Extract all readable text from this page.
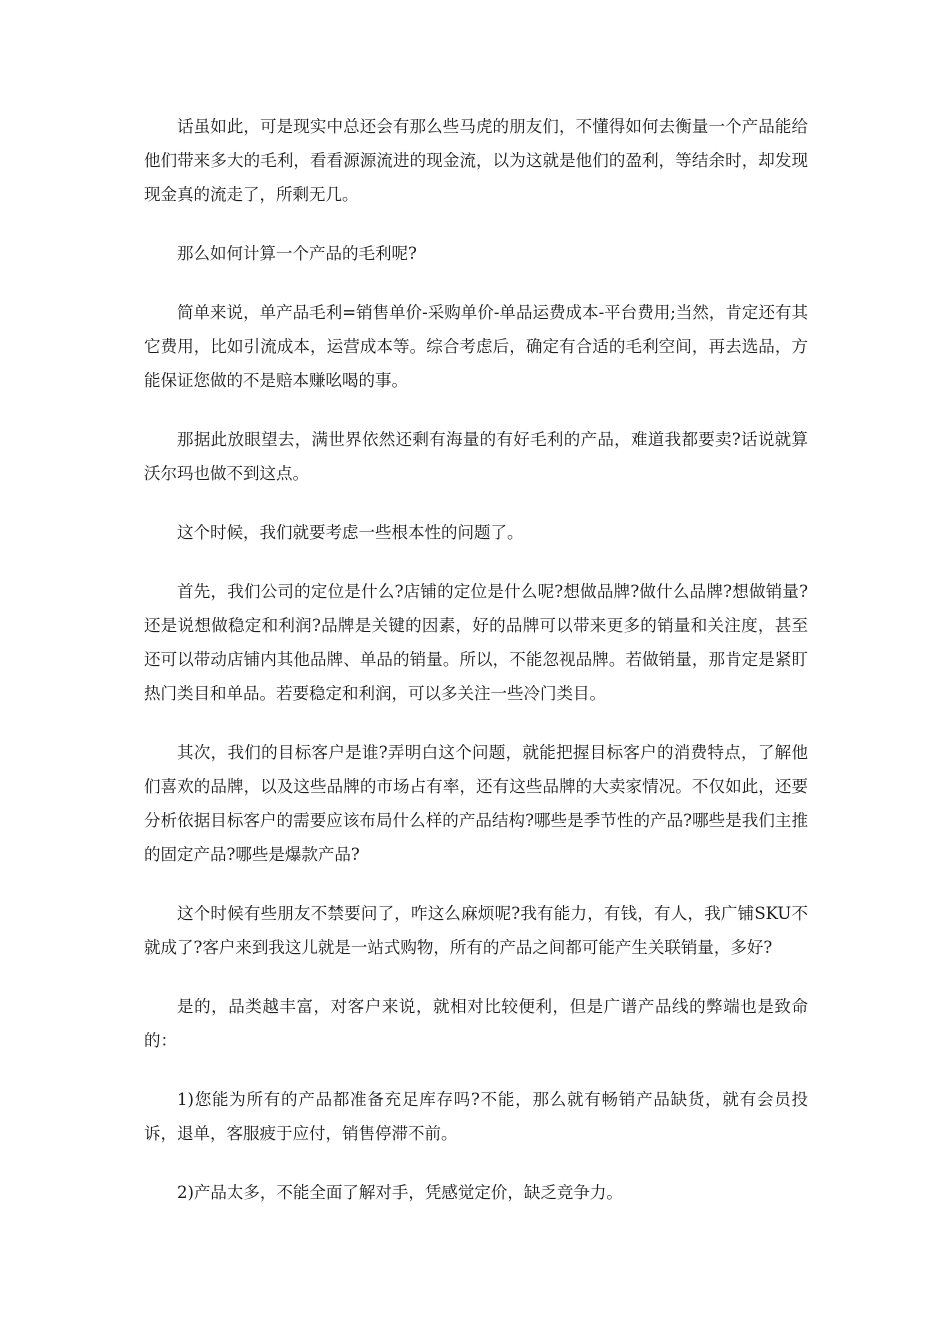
话虽如此，可是现实中总还会有那么些马虎的朋友们，不懂得如何去衡量一个产品能给他们带来多大的毛利，看看源源流进的现金流，以为这就是他们的盈利，等结余时，却发现现金真的流走了，所剩无几。

那么如何计算一个产品的毛利呢?

简单来说，单产品毛利=销售单价-采购单价-单品运费成本-平台费用;当然，肯定还有其它费用，比如引流成本，运营成本等。综合考虑后，确定有合适的毛利空间，再去选品，方能保证您做的不是赔本赚吆喝的事。

那据此放眼望去，满世界依然还剩有海量的有好毛利的产品，难道我都要卖?话说就算沃尔玛也做不到这点。

这个时候，我们就要考虑一些根本性的问题了。

首先，我们公司的定位是什么?店铺的定位是什么呢?想做品牌?做什么品牌?想做销量?还是说想做稳定和利润?品牌是关键的因素，好的品牌可以带来更多的销量和关注度，甚至还可以带动店铺内其他品牌、单品的销量。所以，不能忽视品牌。若做销量，那肯定是紧盯热门类目和单品。若要稳定和利润，可以多关注一些冷门类目。

其次，我们的目标客户是谁?弄明白这个问题，就能把握目标客户的消费特点，了解他们喜欢的品牌，以及这些品牌的市场占有率，还有这些品牌的大卖家情况。不仅如此，还要分析依据目标客户的需要应该布局什么样的产品结构?哪些是季节性的产品?哪些是我们主推的固定产品?哪些是爆款产品?

这个时候有些朋友不禁要问了，咋这么麻烦呢?我有能力，有钱，有人，我广铺SKU不就成了?客户来到我这儿就是一站式购物，所有的产品之间都可能产生关联销量，多好?

是的，品类越丰富，对客户来说，就相对比较便利，但是广谱产品线的弊端也是致命的：

1)您能为所有的产品都准备充足库存吗?不能，那么就有畅销产品缺货，就有会员投诉，退单，客服疲于应付，销售停滞不前。

2)产品太多，不能全面了解对手，凭感觉定价，缺乏竞争力。
